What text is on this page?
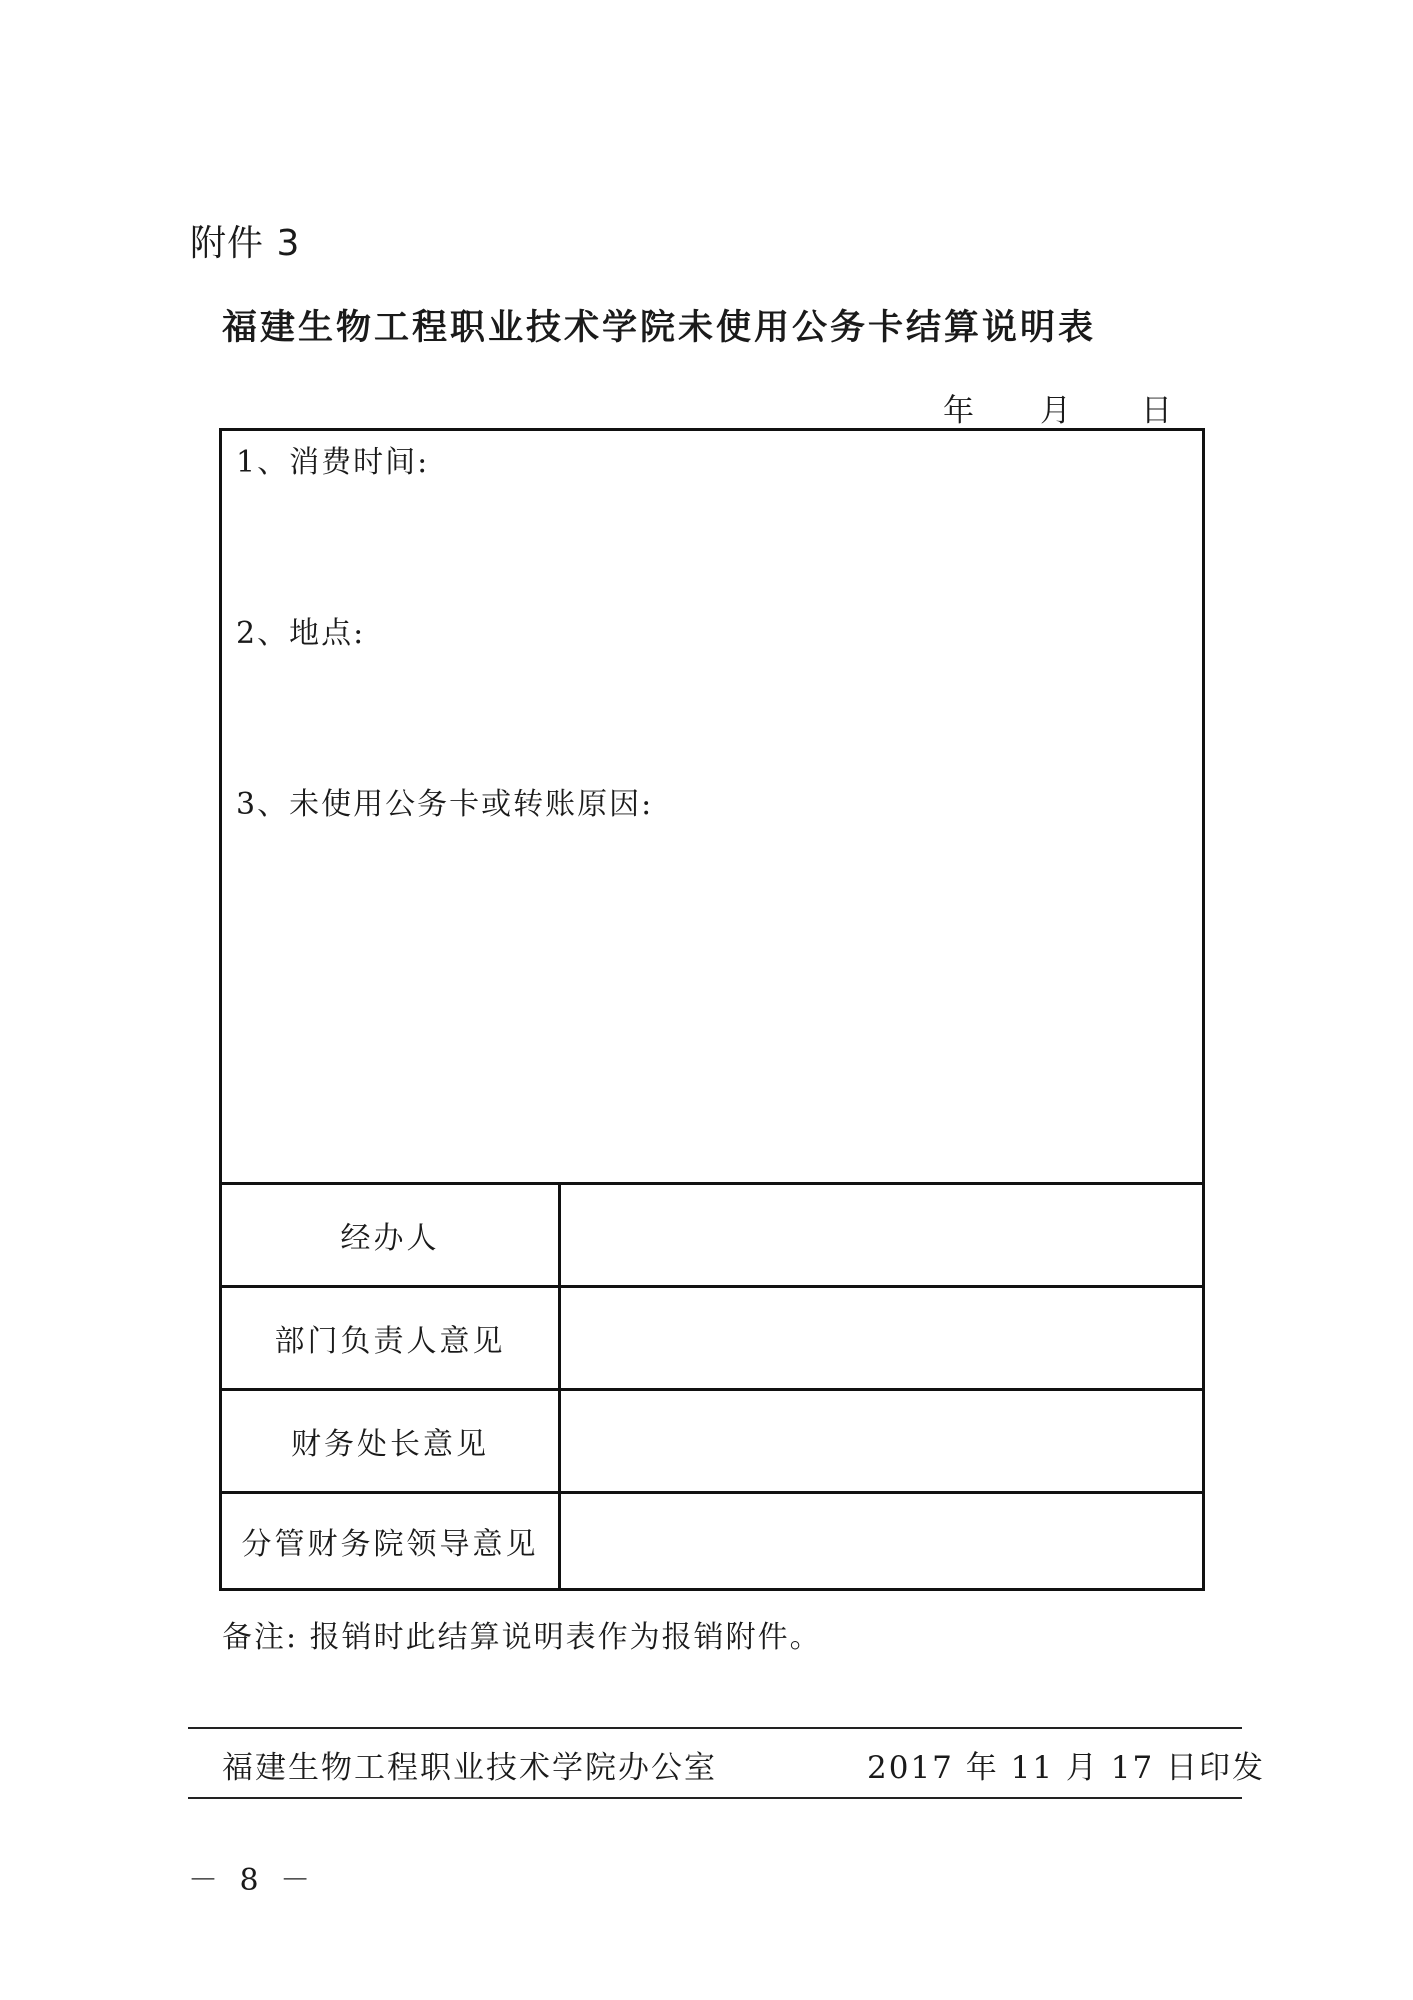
附件 3
福建生物工程职业技术学院未使用公务卡结算说明表
年 月 日
1、消费时间:
2、地点:
3、未使用公务卡或转账原因:
经办人
部门负责人意见
财务处长意见
分管财务院领导意见
备注: 报销时此结算说明表作为报销附件。
福建生物工程职业技术学院办公室	2017 年 11 月 17 日印发
－ 8 －
